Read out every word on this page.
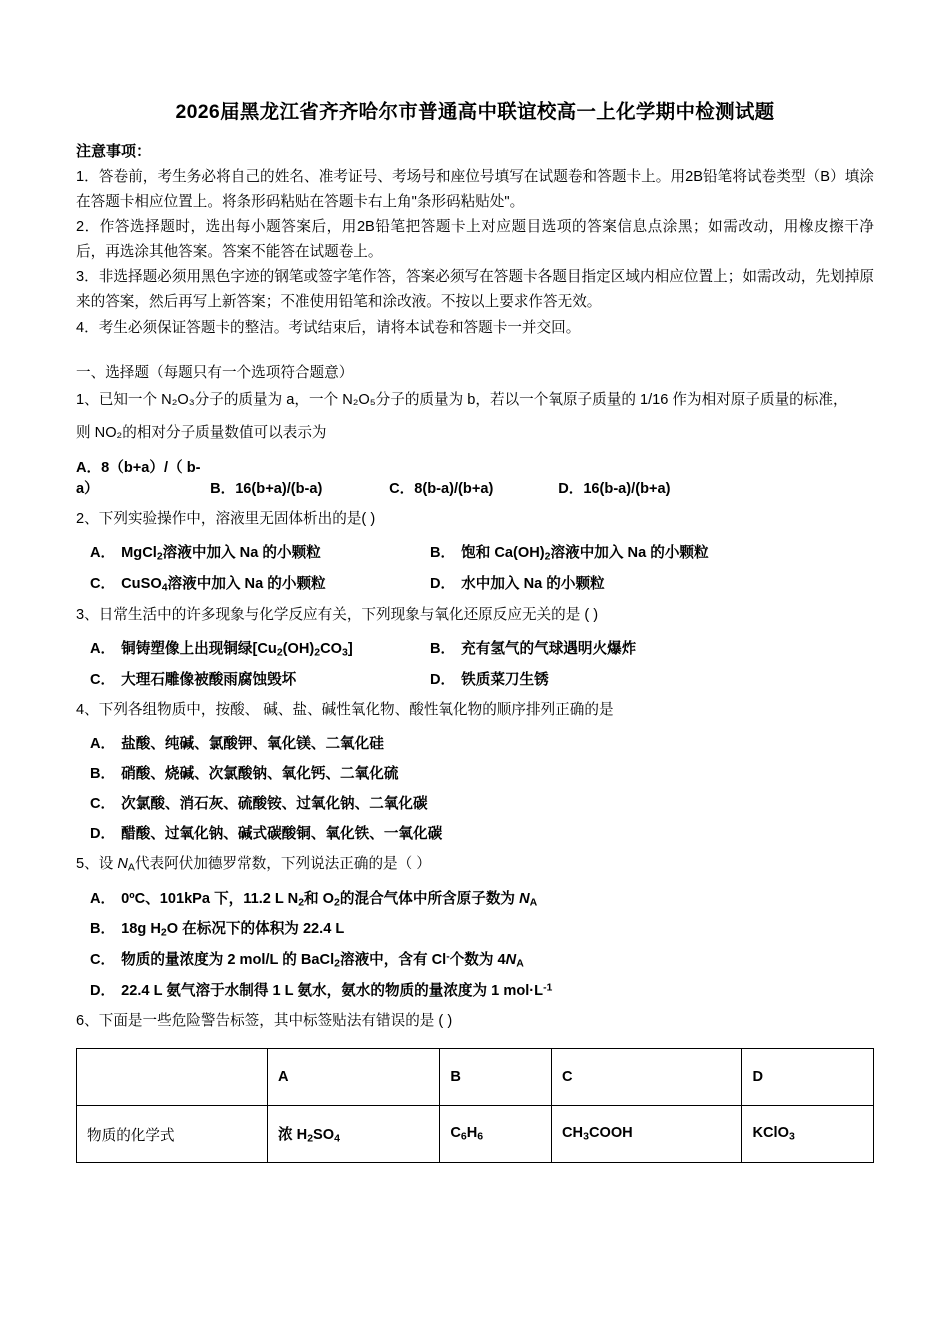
2026届黑龙江省齐齐哈尔市普通高中联谊校高一上化学期中检测试题
注意事项：

1．答卷前，考生务必将自己的姓名、准考证号、考场号和座位号填写在试题卷和答题卡上。用2B铅笔将试卷类型（B）填涂在答题卡相应位置上。将条形码粘贴在答题卡右上角"条形码粘贴处"。

2．作答选择题时，选出每小题答案后，用2B铅笔把答题卡上对应题目选项的答案信息点涂黑；如需改动，用橡皮擦干净后，再选涂其他答案。答案不能答在试题卷上。

3．非选择题必须用黑色字迹的钢笔或签字笔作答，答案必须写在答题卡各题目指定区域内相应位置上；如需改动，先划掉原来的答案，然后再写上新答案；不准使用铅笔和涂改液。不按以上要求作答无效。

4．考生必须保证答题卡的整洁。考试结束后，请将本试卷和答题卡一并交回。

一、选择题（每题只有一个选项符合题意）
1、已知一个 N₂O₃分子的质量为 a，一个 N₂O₅分子的质量为 b，若以一个氧原子质量的 1/16 作为相对原子质量的标准，
则 NO₂的相对分子质量数值可以表示为
A．8（b+a）/（ b-a）	B．16(b+a)/(b-a)	C．8(b-a)/(b+a)	D．16(b-a)/(b+a)
2、下列实验操作中，溶液里无固体析出的是( )
A． MgCl$_2$溶液中加入 Na 的小颗粒	B． 饱和 $Ca(OH)_2$溶液中加入 Na 的小颗粒
C． CuSO$_4$溶液中加入 Na 的小颗粒	D． 水中加入 Na 的小颗粒
3、日常生活中的许多现象与化学反应有关，下列现象与氧化还原反应无关的是 ( )
A． 铜铸塑像上出现铜绿$[Cu_2(OH)_2CO_3]$	B． 充有氢气的气球遇明火爆炸
C． 大理石雕像被酸雨腐蚀毁坏	D． 铁质菜刀生锈
4、下列各组物质中，按酸、 碱、盐、碱性氧化物、酸性氧化物的顺序排列正确的是
A． 盐酸、纯碱、氯酸钾、氧化镁、二氧化硅
B． 硝酸、烧碱、次氯酸钠、氧化钙、二氧化硫
C． 次氯酸、消石灰、硫酸铵、过氧化钠、二氧化碳
D． 醋酸、过氧化钠、碱式碳酸铜、氧化铁、一氧化碳
5、设 $N_A$代表阿伏加德罗常数，下列说法正确的是（ ）
A． 0ºC、101kPa 下，11.2 L $N_2$和 $O_2$的混合气体中所含原子数为 $N_A$
B． 18g $H_2O$ 在标况下的体积为 22.4 L
C． 物质的量浓度为 2 mol/L 的 BaCl$_2$溶液中，含有 Cl-个数为 $4N_A$
D． 22.4 L 氨气溶于水制得 1 L 氨水，氨水的物质的量浓度为 1 $mol\cdot L^{-1}$
6、下面是一些危险警告标签，其中标签贴法有错误的是 ( )
	A	B	C	D
物质的化学式	浓 $H_2SO_4$	$C_6H_6$	$CH_3COOH$	KClO$_3$
